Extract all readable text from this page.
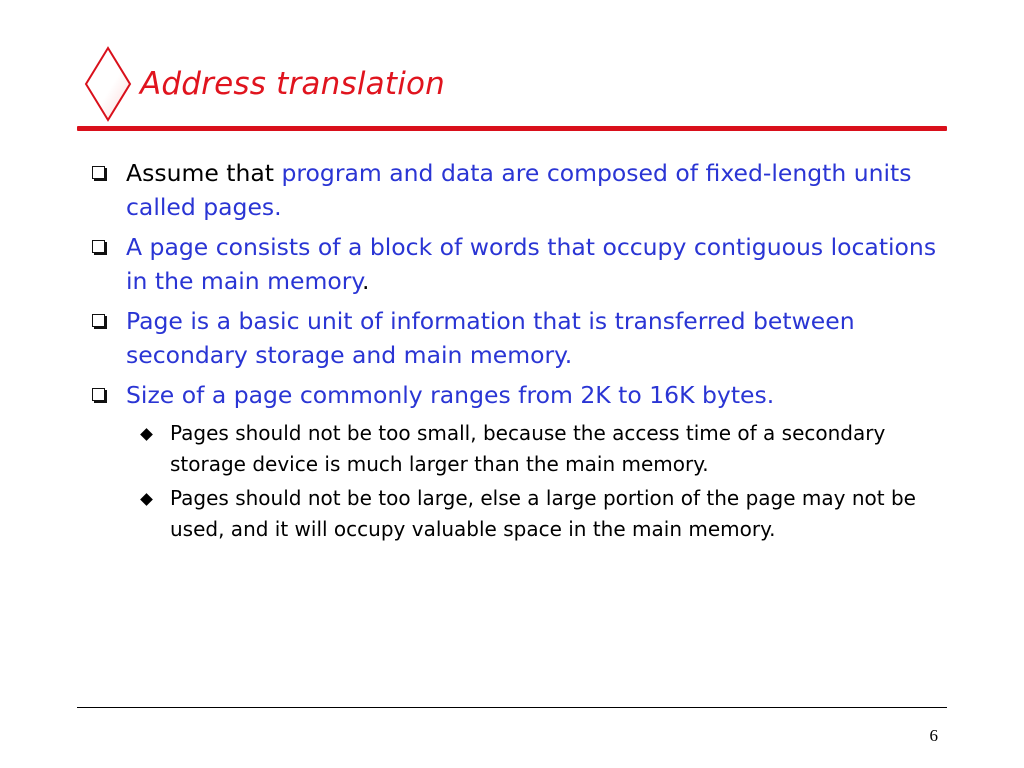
Address translation
Assume that program and data are composed of fixed-length units called pages.
A page consists of a block of words that occupy contiguous locations in the main memory.
Page is a basic unit of information that is transferred between secondary storage and main memory.
Size of a page commonly ranges from 2K to 16K bytes.
Pages should not be too small, because the access time of a secondary storage device is much larger than the main memory.
Pages should not be too large, else a large portion of the page may not be used, and it will occupy valuable space in the main memory.
6
